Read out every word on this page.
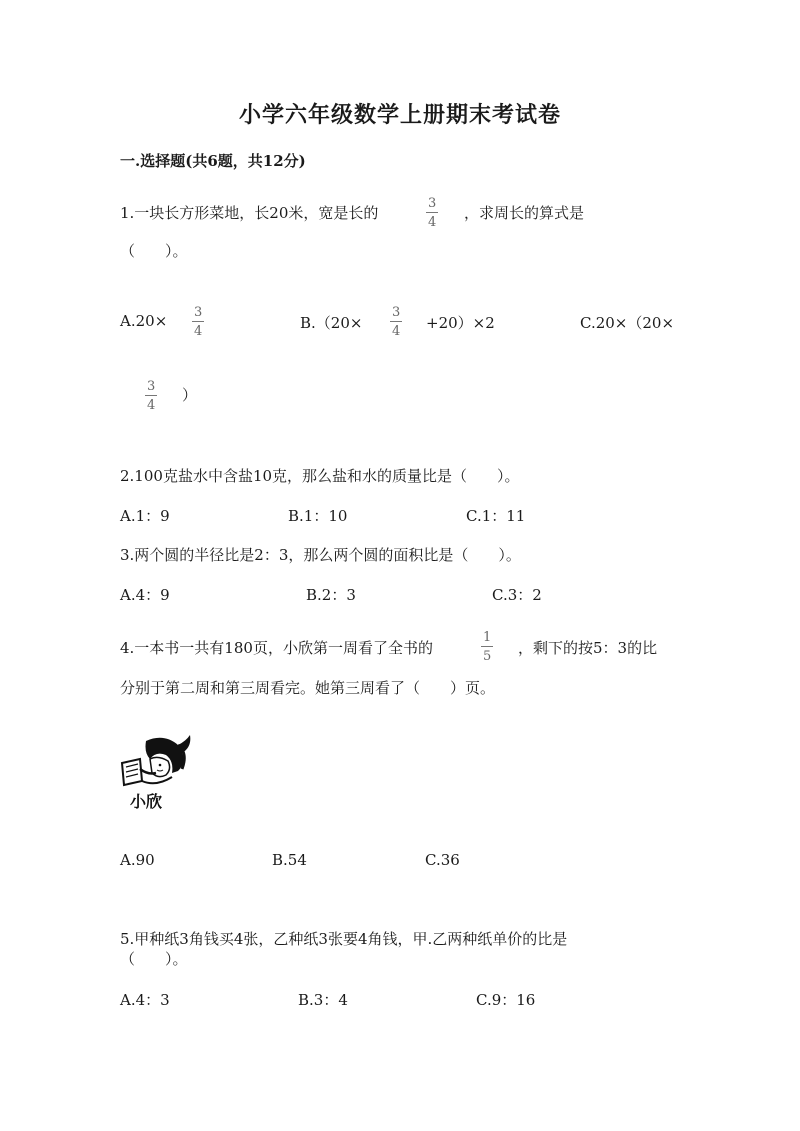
小学六年级数学上册期末考试卷
一.选择题(共6题，共12分)
1.一块长方形菜地，长20米，宽是长的
3
4
，求周长的算式是
（　　）。
A.20× 3
4	B.（20×
3
4 +20）×2	C.20×（20×
3
4
）
2.100克盐水中含盐10克，那么盐和水的质量比是（　　）。
A.1：9	B.1：10	C.1：11
3.两个圆的半径比是2：3，那么两个圆的面积比是（　　）。
A.4：9	B.2：3	C.3：2
4.一本书一共有180页，小欣第一周看了全书的
1
5 ，剩下的按5：3的比
分别于第二周和第三周看完。她第三周看了（　　）页。
小欣
A.90	B.54	C.36
5.甲种纸3角钱买4张，乙种纸3张要4角钱，甲.乙两种纸单价的比是
（　　）。
A.4：3	B.3：4	C.9：16
